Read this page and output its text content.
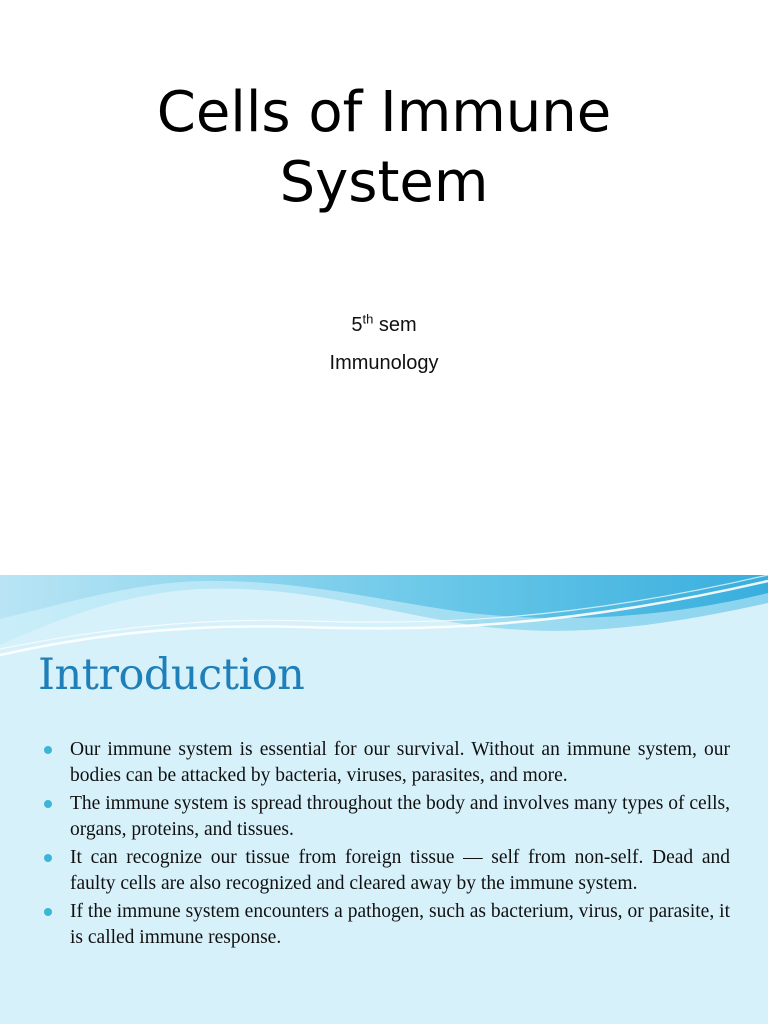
Cells of Immune
System
5th sem
Immunology
Introduction
Our immune system is essential for our survival. Without an immune system, our bodies can be attacked by bacteria, viruses, parasites, and more.
The immune system is spread throughout the body and involves many types of cells, organs, proteins, and tissues.
It can recognize our tissue from foreign tissue — self from non-self. Dead and faulty cells are also recognized and cleared away by the immune system.
If the immune system encounters a pathogen, such as bacterium, virus, or parasite, it is called immune response.
